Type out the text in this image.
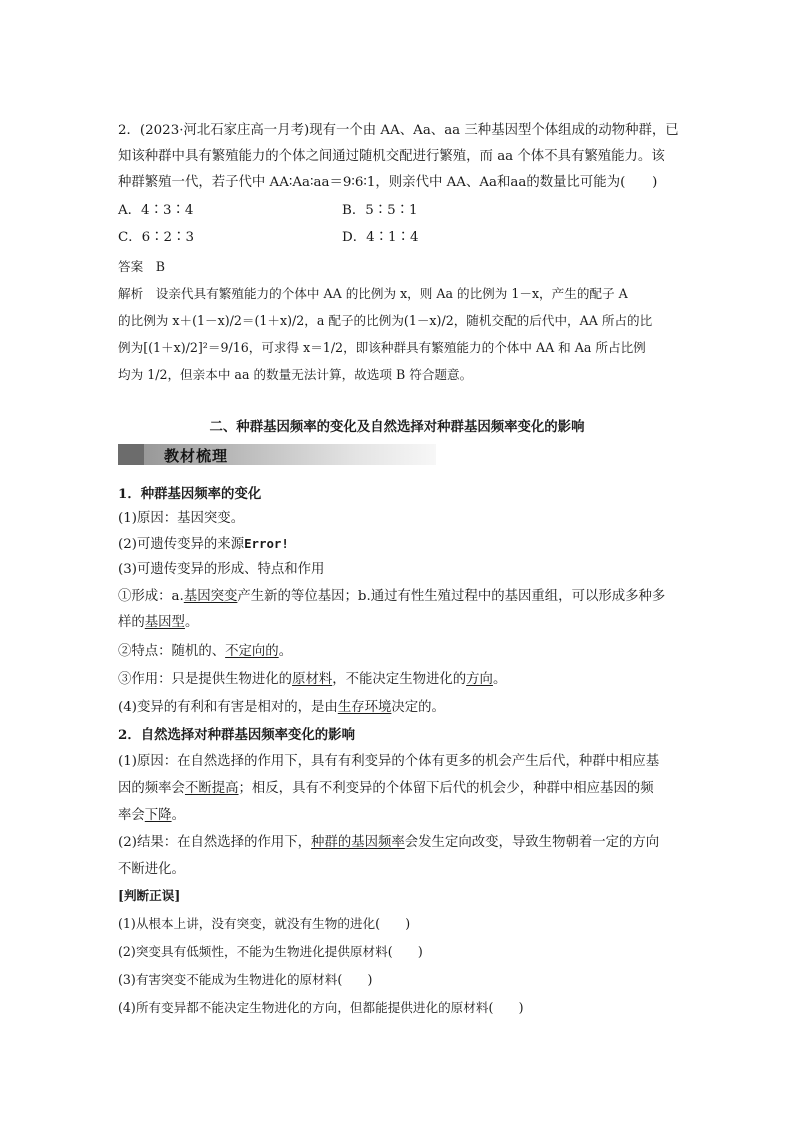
2．(2023·河北石家庄高一月考)现有一个由 AA、Aa、aa 三种基因型个体组成的动物种群，已
知该种群中具有繁殖能力的个体之间通过随机交配进行繁殖，而 aa 个体不具有繁殖能力。该
种群繁殖一代，若子代中 AA∶Aa∶aa＝9∶6∶1，则亲代中 AA、Aa和aa的数量比可能为(　　)
A．4∶3∶4	B．5∶5∶1
C．6∶2∶3	D．4∶1∶4
答案　B
解析　设亲代具有繁殖能力的个体中 AA 的比例为 x，则 Aa 的比例为 1－x，产生的配子 A
的比例为 x＋(1－x)/2＝(1＋x)/2，a 配子的比例为(1－x)/2，随机交配的后代中，AA 所占的比
例为[(1＋x)/2]²＝9/16，可求得 x＝1/2，即该种群具有繁殖能力的个体中 AA 和 Aa 所占比例
均为 1/2，但亲本中 aa 的数量无法计算，故选项 B 符合题意。
二、种群基因频率的变化及自然选择对种群基因频率变化的影响
教材梳理
1．种群基因频率的变化
(1)原因：基因突变。
(2)可遗传变异的来源Error!
(3)可遗传变异的形成、特点和作用
①形成：a.基因突变产生新的等位基因；b.通过有性生殖过程中的基因重组，可以形成多种多
样的基因型。
②特点：随机的、不定向的。
③作用：只是提供生物进化的原材料，不能决定生物进化的方向。
(4)变异的有利和有害是相对的，是由生存环境决定的。
2．自然选择对种群基因频率变化的影响
(1)原因：在自然选择的作用下，具有有利变异的个体有更多的机会产生后代，种群中相应基
因的频率会不断提高；相反，具有不利变异的个体留下后代的机会少，种群中相应基因的频
率会下降。
(2)结果：在自然选择的作用下，种群的基因频率会发生定向改变，导致生物朝着一定的方向
不断进化。
[判断正误]
(1)从根本上讲，没有突变，就没有生物的进化(　　)
(2)突变具有低频性，不能为生物进化提供原材料(　　)
(3)有害突变不能成为生物进化的原材料(　　)
(4)所有变异都不能决定生物进化的方向，但都能提供进化的原材料(　　)
